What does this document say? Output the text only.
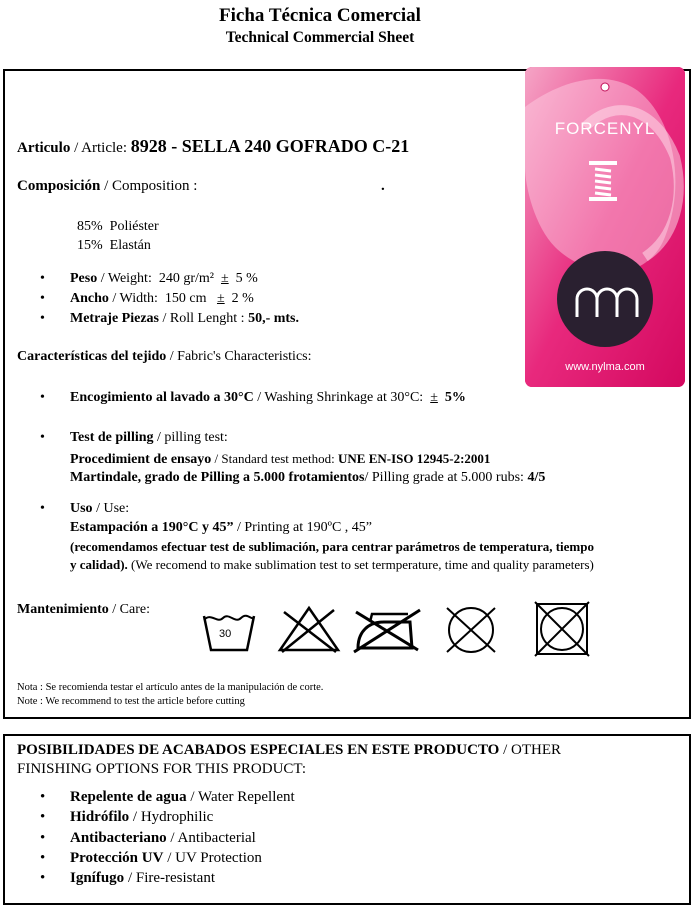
Ficha Técnica Comercial
Technical Commercial Sheet
FORCENYL
www.nylma.com
Articulo / Article: 8928 - SELLA 240 GOFRADO C-21
Composición / Composition :	.
85% Poliéster
15% Elastán
• Peso / Weight: 240 gr/m² ± 5 %
• Ancho / Width: 150 cm ± 2 %
• Metraje Piezas / Roll Lenght : 50,- mts.
Características del tejido / Fabric's Characteristics:
• Encogimiento al lavado a 30°C / Washing Shrinkage at 30°C: ± 5%
• Test de pilling / pilling test:
Procedimient de ensayo / Standard test method: UNE EN-ISO 12945-2:2001
Martindale, grado de Pilling a 5.000 frotamientos/ Pilling grade at 5.000 rubs: 4/5
• Uso / Use:
Estampación a 190°C y 45” / Printing at 190ºC , 45”
(recomendamos efectuar test de sublimación, para centrar parámetros de temperatura, tiempo
y calidad). (We recomend to make sublimation test to set termperature, time and quality parameters)
Mantenimiento / Care:
30
Nota : Se recomienda testar el artículo antes de la manipulación de corte.
Note : We recommend to test the article before cutting
POSIBILIDADES DE ACABADOS ESPECIALES EN ESTE PRODUCTO / OTHER
FINISHING OPTIONS FOR THIS PRODUCT:
• Repelente de agua / Water Repellent
• Hidrófilo / Hydrophilic
• Antibacteriano / Antibacterial
• Protección UV / UV Protection
• Ignífugo / Fire-resistant
